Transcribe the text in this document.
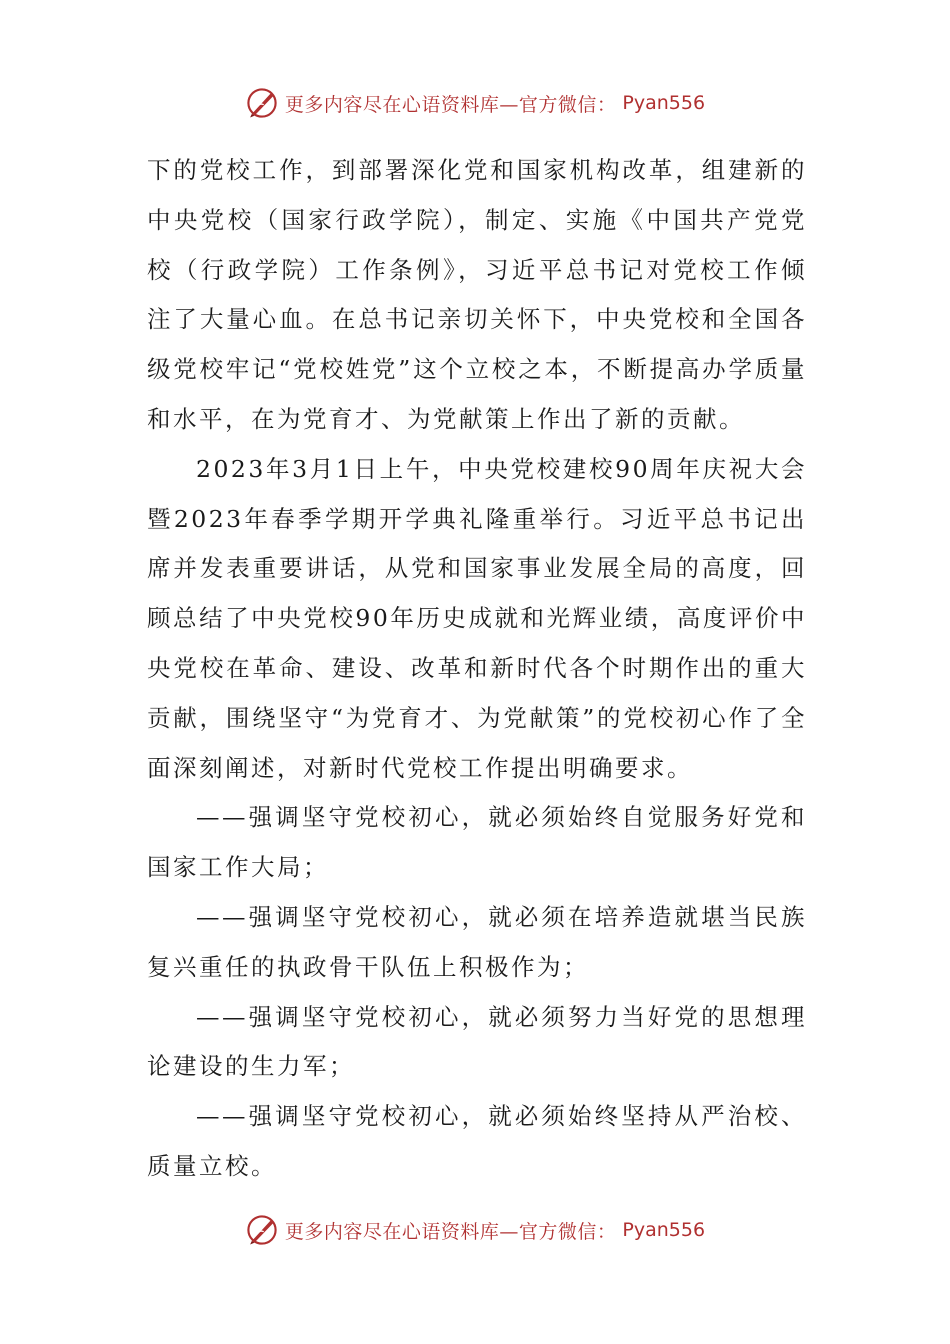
更多内容尽在心语资料库—官方微信： Pyan556

下的党校工作，到部署深化党和国家机构改革，组建新的中央党校（国家行政学院），制定、实施《中国共产党党校（行政学院）工作条例》，习近平总书记对党校工作倾注了大量心血。在总书记亲切关怀下，中央党校和全国各级党校牢记“党校姓党”这个立校之本，不断提高办学质量和水平，在为党育才、为党献策上作出了新的贡献。

2023年3月1日上午，中央党校建校90周年庆祝大会暨2023年春季学期开学典礼隆重举行。习近平总书记出席并发表重要讲话，从党和国家事业发展全局的高度，回顾总结了中央党校90年历史成就和光辉业绩，高度评价中央党校在革命、建设、改革和新时代各个时期作出的重大贡献，围绕坚守“为党育才、为党献策”的党校初心作了全面深刻阐述，对新时代党校工作提出明确要求。

——强调坚守党校初心，就必须始终自觉服务好党和国家工作大局；

——强调坚守党校初心，就必须在培养造就堪当民族复兴重任的执政骨干队伍上积极作为；

——强调坚守党校初心，就必须努力当好党的思想理论建设的生力军；

——强调坚守党校初心，就必须始终坚持从严治校、质量立校。

更多内容尽在心语资料库—官方微信： Pyan556
